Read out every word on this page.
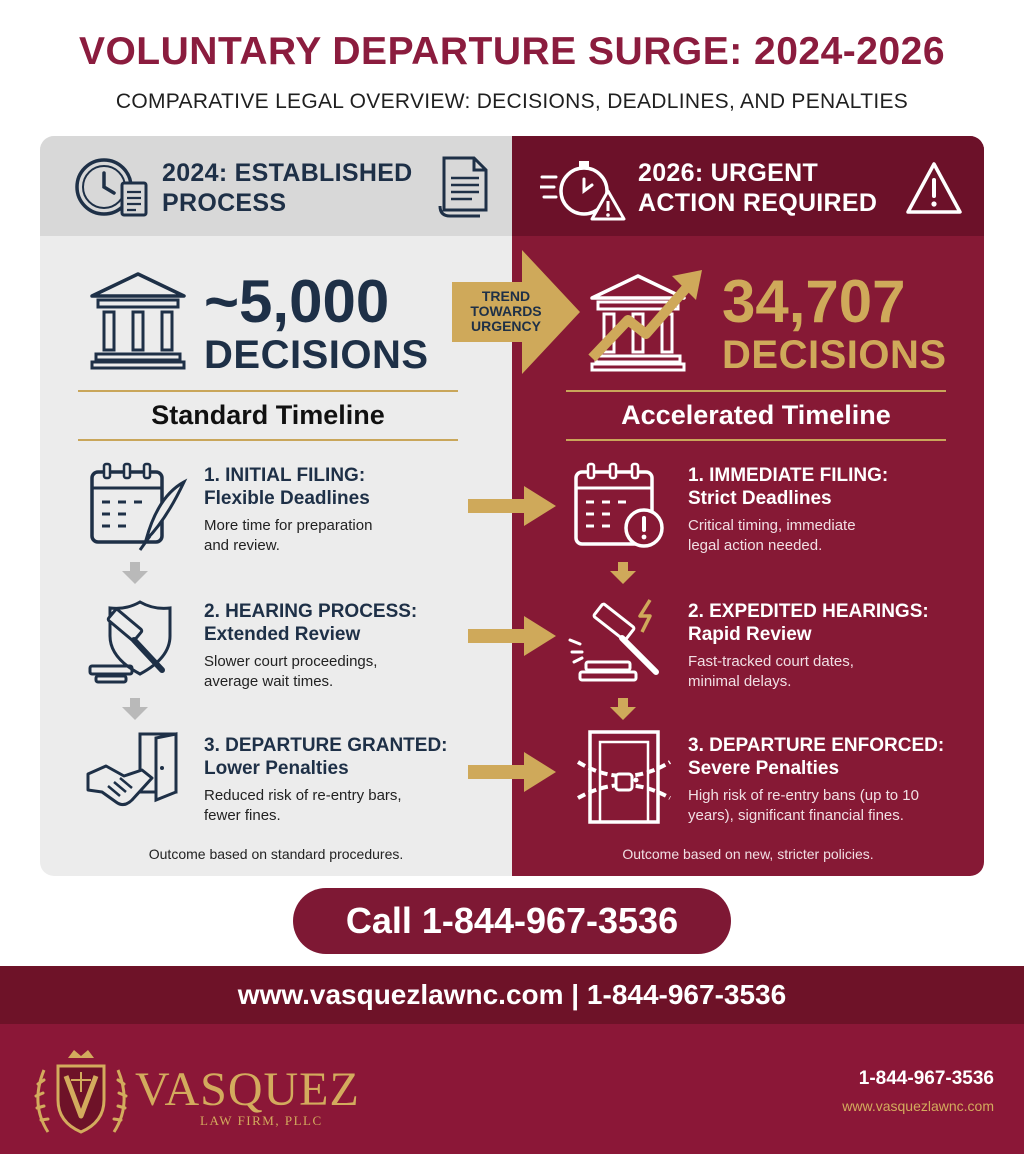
VOLUNTARY DEPARTURE SURGE: 2024-2026
COMPARATIVE LEGAL OVERVIEW: DECISIONS, DEADLINES, AND PENALTIES
2024: ESTABLISHED
PROCESS
2026: URGENT
ACTION REQUIRED
~5,000
DECISIONS
TREND
TOWARDS
URGENCY	34,707
DECISIONS
Standard Timeline	Accelerated Timeline
1. INITIAL FILING:
Flexible Deadlines
More time for preparation
and review.
2. HEARING PROCESS:
Extended Review
Slower court proceedings,
average wait times.
3. DEPARTURE GRANTED:
Lower Penalties
Reduced risk of re-entry bars,
fewer fines.
Outcome based on standard procedures.
1. IMMEDIATE FILING:
Strict Deadlines
Critical timing, immediate
legal action needed.
2. EXPEDITED HEARINGS:
Rapid Review
Fast-tracked court dates,
minimal delays.
3. DEPARTURE ENFORCED:
Severe Penalties
High risk of re-entry bans (up to 10
years), significant financial fines.
Outcome based on new, stricter policies.
Call 1-844-967-3536
www.vasquezlawnc.com | 1-844-967-3536
VASQUEZ
LAW FIRM, PLLC
1-844-967-3536
www.vasquezlawnc.com
